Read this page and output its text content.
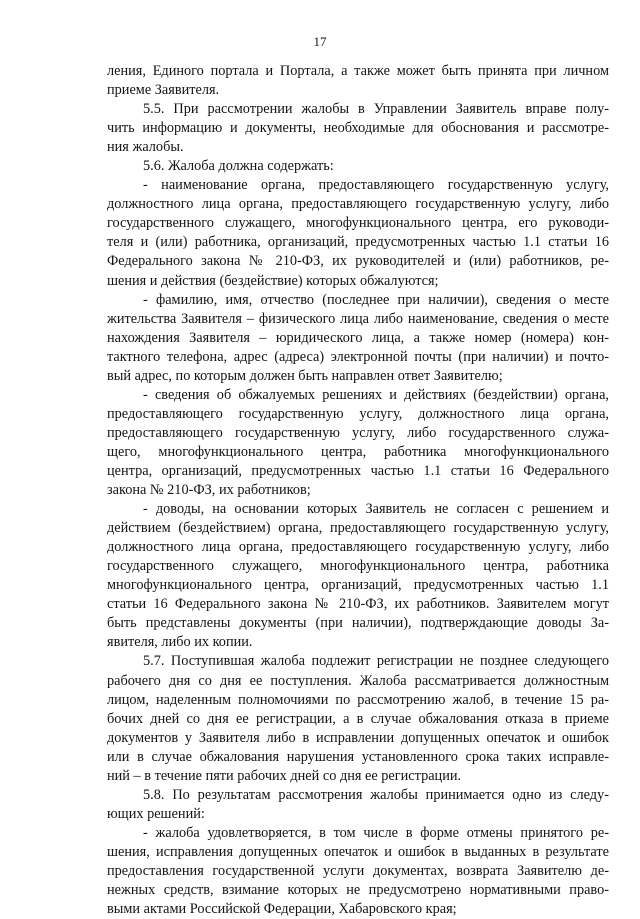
17
ления, Единого портала и Портала, а также может быть принята при личном
приеме Заявителя.
5.5. При рассмотрении жалобы в Управлении Заявитель вправе полу-
чить информацию и документы, необходимые для обоснования и рассмотре-
ния жалобы.
5.6. Жалоба должна содержать:
- наименование органа, предоставляющего государственную услугу,
должностного лица органа, предоставляющего государственную услугу, либо
государственного служащего, многофункционального центра, его руководи-
теля и (или) работника, организаций, предусмотренных частью 1.1 статьи 16
Федерального закона № 210-ФЗ, их руководителей и (или) работников, ре-
шения и действия (бездействие) которых обжалуются;
- фамилию, имя, отчество (последнее при наличии), сведения о месте
жительства Заявителя – физического лица либо наименование, сведения о месте
нахождения Заявителя – юридического лица, а также номер (номера) кон-
тактного телефона, адрес (адреса) электронной почты (при наличии) и почто-
вый адрес, по которым должен быть направлен ответ Заявителю;
- сведения об обжалуемых решениях и действиях (бездействии) органа,
предоставляющего государственную услугу, должностного лица органа,
предоставляющего государственную услугу, либо государственного служа-
щего, многофункционального центра, работника многофункционального
центра, организаций, предусмотренных частью 1.1 статьи 16 Федерального
закона № 210-ФЗ, их работников;
- доводы, на основании которых Заявитель не согласен с решением и
действием (бездействием) органа, предоставляющего государственную услугу,
должностного лица органа, предоставляющего государственную услугу, либо
государственного служащего, многофункционального центра, работника
многофункционального центра, организаций, предусмотренных частью 1.1
статьи 16 Федерального закона № 210-ФЗ, их работников. Заявителем могут
быть представлены документы (при наличии), подтверждающие доводы За-
явителя, либо их копии.
5.7. Поступившая жалоба подлежит регистрации не позднее следующего
рабочего дня со дня ее поступления. Жалоба рассматривается должностным
лицом, наделенным полномочиями по рассмотрению жалоб, в течение 15 ра-
бочих дней со дня ее регистрации, а в случае обжалования отказа в приеме
документов у Заявителя либо в исправлении допущенных опечаток и ошибок
или в случае обжалования нарушения установленного срока таких исправле-
ний – в течение пяти рабочих дней со дня ее регистрации.
5.8. По результатам рассмотрения жалобы принимается одно из следу-
ющих решений:
- жалоба удовлетворяется, в том числе в форме отмены принятого ре-
шения, исправления допущенных опечаток и ошибок в выданных в результате
предоставления государственной услуги документах, возврата Заявителю де-
нежных средств, взимание которых не предусмотрено нормативными право-
выми актами Российской Федерации, Хабаровского края;
